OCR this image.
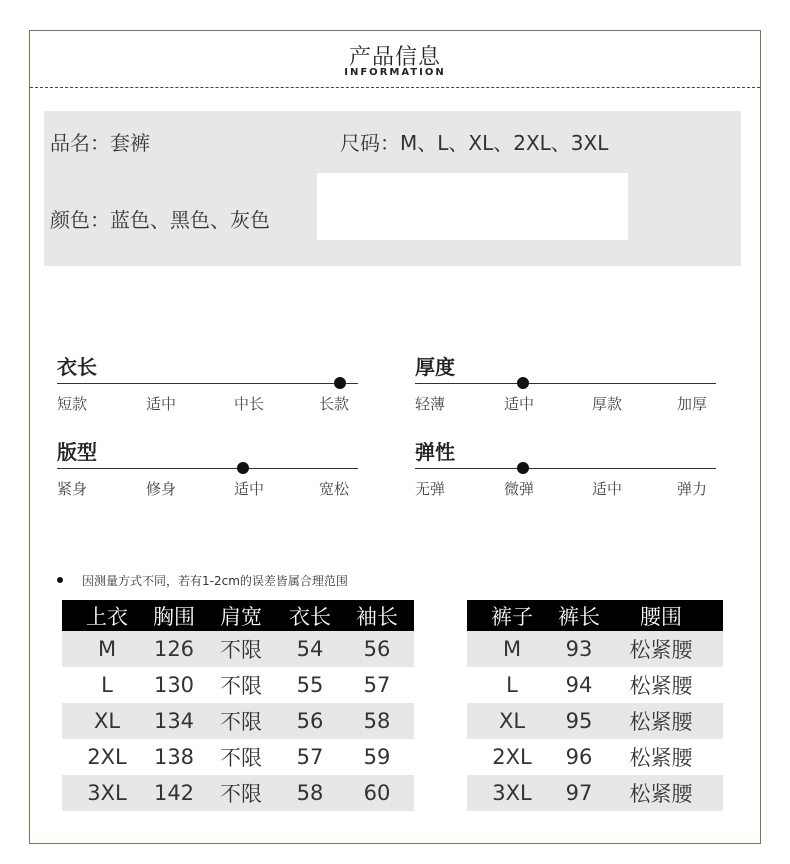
产品信息
INFORMATION
品名：套裤	尺码：M、L、XL、2XL、3XL
颜色：蓝色、黑色、灰色
衣长
短款	适中	中长	长款
厚度
轻薄	适中	厚款	加厚
版型
紧身	修身	适中	宽松
弹性
无弹	微弹	适中	弹力
因测量方式不同，若有1-2cm的误差皆属合理范围
上衣	胸围	肩宽	衣长	袖长
M	126	不限	54	56
L	130	不限	55	57
XL	134	不限	56	58
2XL	138	不限	57	59
3XL	142	不限	58	60
裤子	裤长	腰围
M	93	松紧腰
L	94	松紧腰
XL	95	松紧腰
2XL	96	松紧腰
3XL	97	松紧腰
